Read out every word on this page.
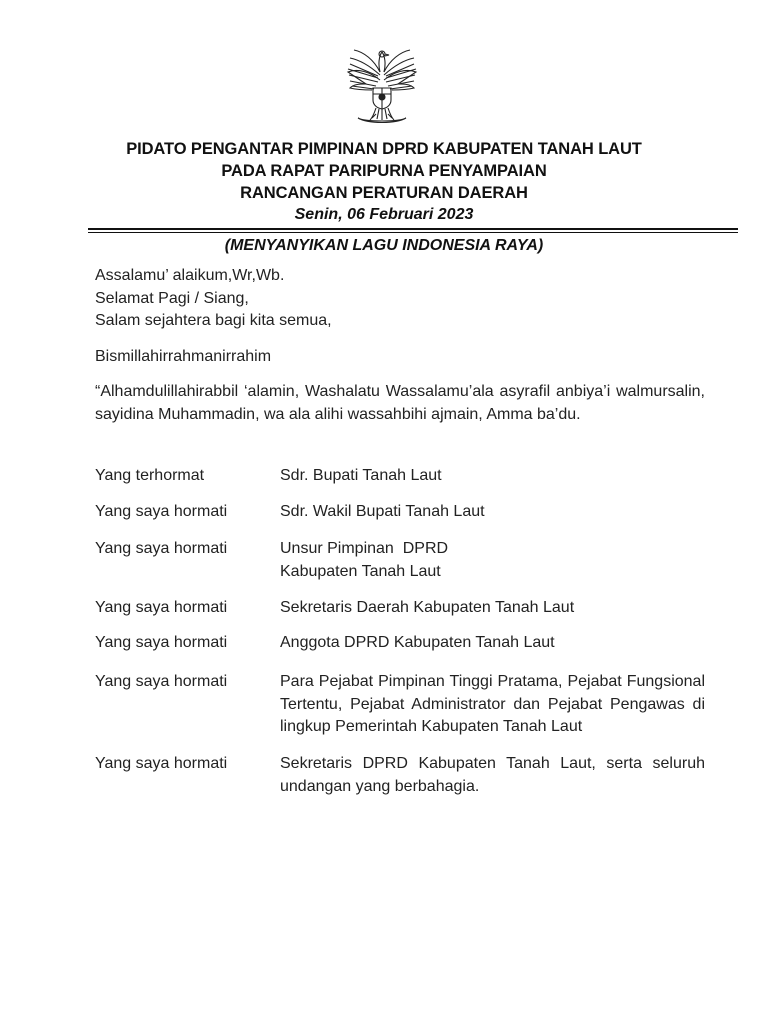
PIDATO PENGANTAR PIMPINAN DPRD KABUPATEN TANAH LAUT
PADA RAPAT PARIPURNA PENYAMPAIAN
RANCANGAN PERATURAN DAERAH
Senin, 06 Februari 2023
(MENYANYIKAN LAGU INDONESIA RAYA)
Assalamu’ alaikum,Wr,Wb.
Selamat Pagi / Siang,
Salam sejahtera bagi kita semua,
Bismillahirrahmanirrahim
“Alhamdulillahirabbil ‘alamin, Washalatu Wassalamu’ala asyrafil anbiya’i walmursalin, sayidina Muhammadin, wa ala alihi wassahbihi ajmain, Amma ba’du.
Yang terhormat	Sdr. Bupati Tanah Laut
Yang saya hormati	Sdr. Wakil Bupati Tanah Laut
Yang saya hormati	Unsur Pimpinan  DPRD
Kabupaten Tanah Laut
Yang saya hormati	Sekretaris Daerah Kabupaten Tanah Laut
Yang saya hormati	Anggota DPRD Kabupaten Tanah Laut
Yang saya hormati	Para Pejabat Pimpinan Tinggi Pratama, Pejabat Fungsional Tertentu, Pejabat Administrator dan Pejabat Pengawas di lingkup Pemerintah Kabupaten Tanah Laut
Yang saya hormati	Sekretaris DPRD Kabupaten Tanah Laut, serta seluruh undangan yang berbahagia.
